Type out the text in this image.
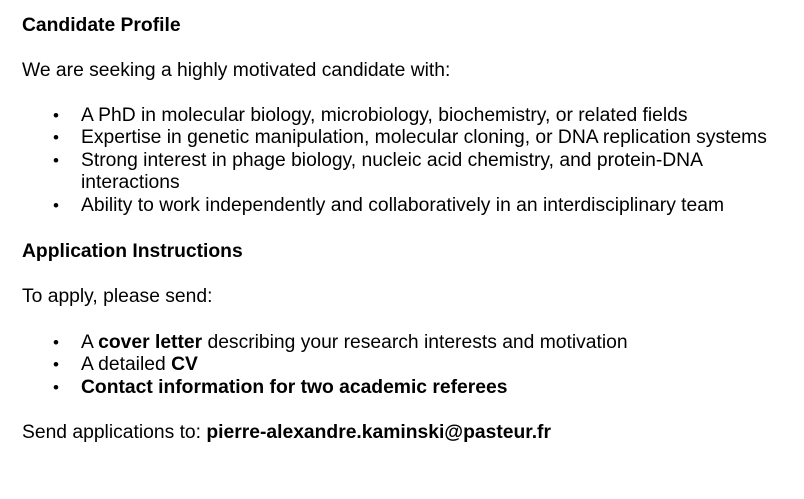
Candidate Profile

We are seeking a highly motivated candidate with:

• A PhD in molecular biology, microbiology, biochemistry, or related fields
• Expertise in genetic manipulation, molecular cloning, or DNA replication systems
• Strong interest in phage biology, nucleic acid chemistry, and protein-DNA interactions
• Ability to work independently and collaboratively in an interdisciplinary team
Application Instructions

To apply, please send:

• A cover letter describing your research interests and motivation
• A detailed CV
• Contact information for two academic referees

Send applications to: pierre-alexandre.kaminski@pasteur.fr
